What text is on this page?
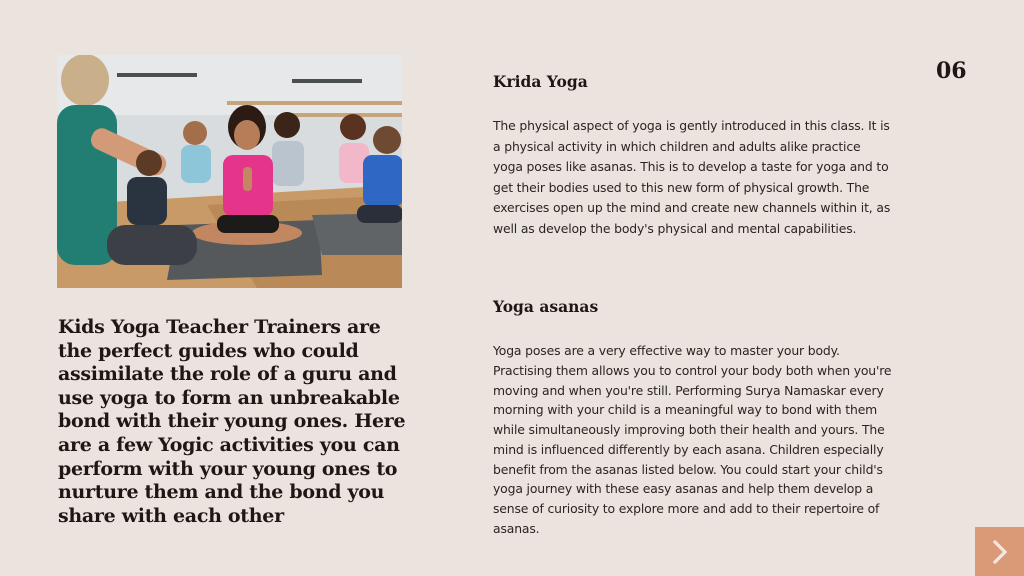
Kids Yoga Teacher Trainers are the perfect guides who could assimilate the role of a guru and use yoga to form an unbreakable bond with their young ones. Here are a few Yogic activities you can perform with your young ones to nurture them and the bond you share with each other

06

Krida Yoga

The physical aspect of yoga is gently introduced in this class. It is a physical activity in which children and adults alike practice yoga poses like asanas. This is to develop a taste for yoga and to get their bodies used to this new form of physical growth. The exercises open up the mind and create new channels within it, as well as develop the body's physical and mental capabilities.

Yoga asanas

Yoga poses are a very effective way to master your body. Practising them allows you to control your body both when you're moving and when you're still. Performing Surya Namaskar every morning with your child is a meaningful way to bond with them while simultaneously improving both their health and yours. The mind is influenced differently by each asana. Children especially benefit from the asanas listed below. You could start your child's yoga journey with these easy asanas and help them develop a sense of curiosity to explore more and add to their repertoire of asanas.
